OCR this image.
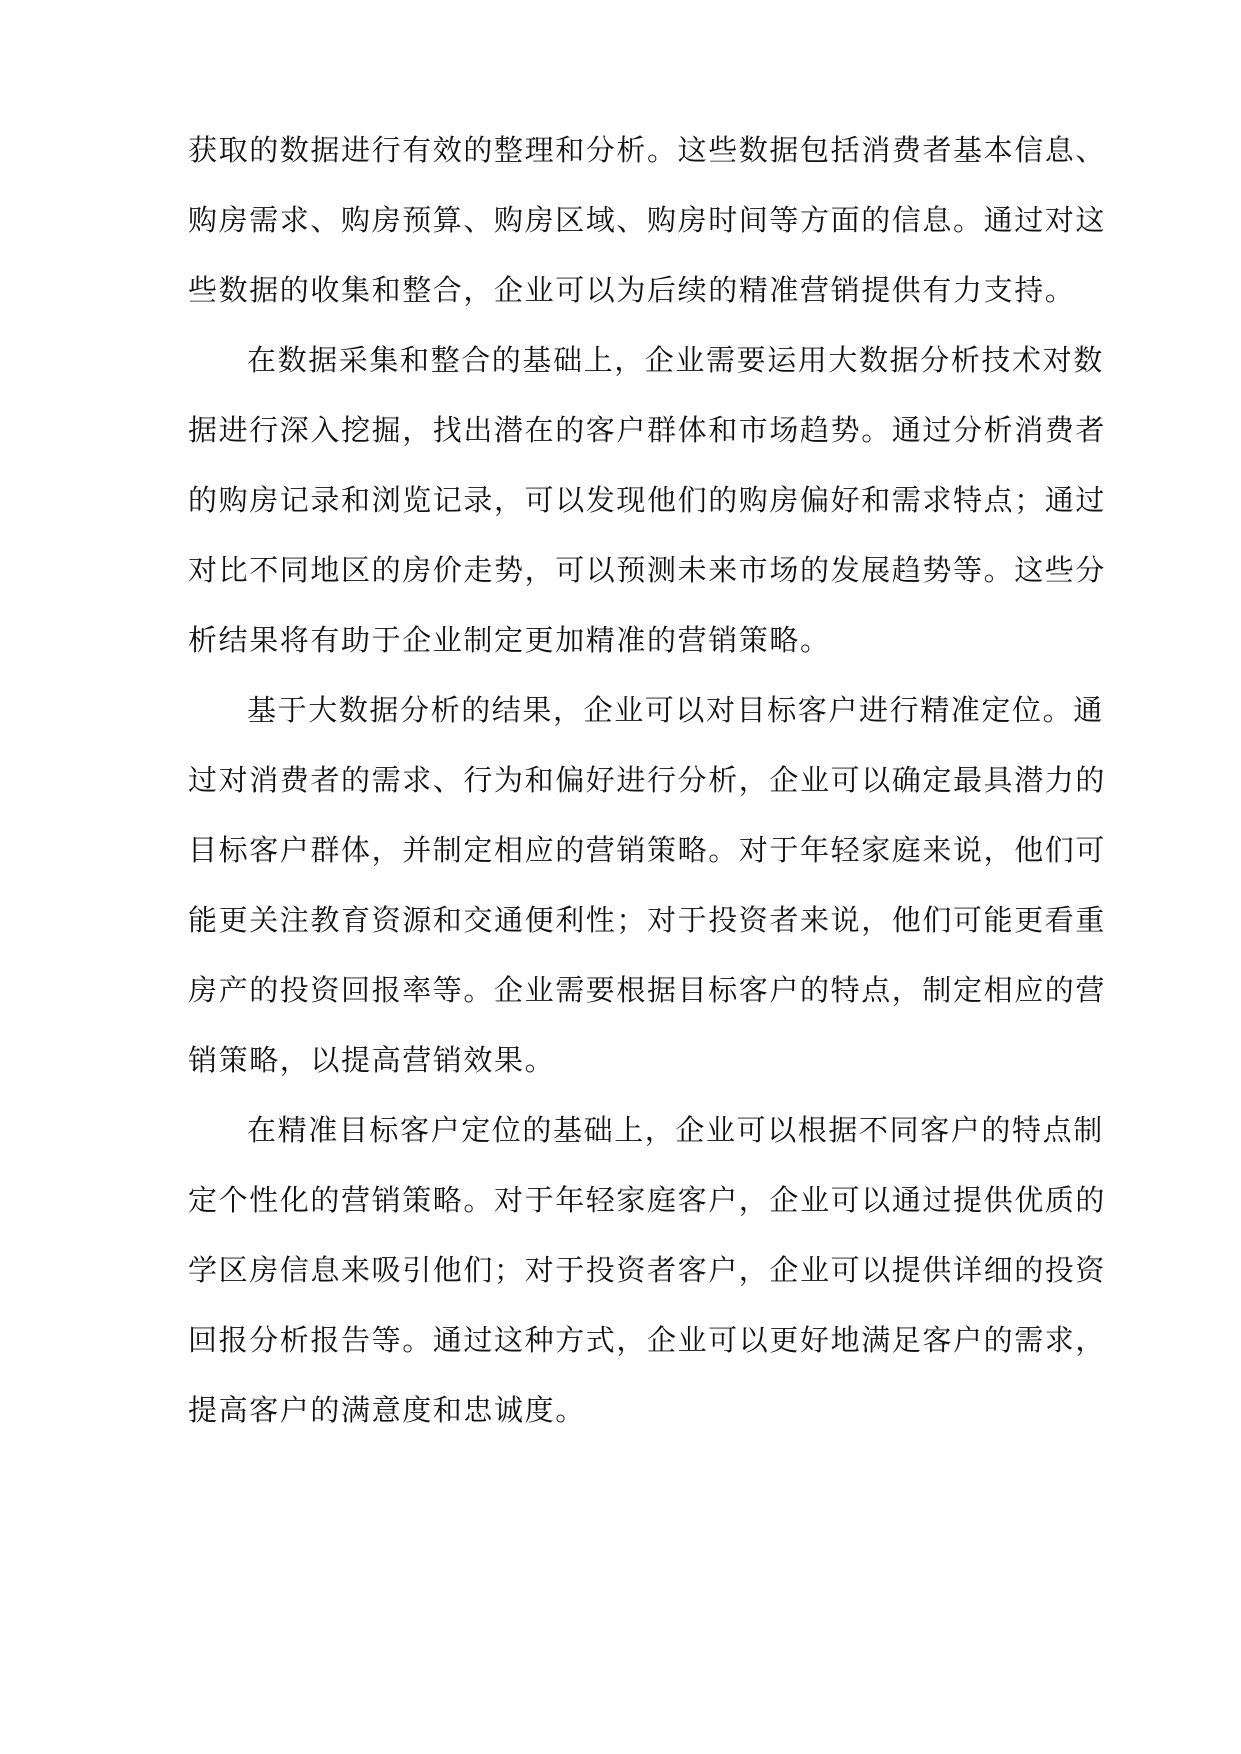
获取的数据进行有效的整理和分析。这些数据包括消费者基本信息、
购房需求、购房预算、购房区域、购房时间等方面的信息。通过对这
些数据的收集和整合，企业可以为后续的精准营销提供有力支持。
在数据采集和整合的基础上，企业需要运用大数据分析技术对数
据进行深入挖掘，找出潜在的客户群体和市场趋势。通过分析消费者
的购房记录和浏览记录，可以发现他们的购房偏好和需求特点；通过
对比不同地区的房价走势，可以预测未来市场的发展趋势等。这些分
析结果将有助于企业制定更加精准的营销策略。
基于大数据分析的结果，企业可以对目标客户进行精准定位。通
过对消费者的需求、行为和偏好进行分析，企业可以确定最具潜力的
目标客户群体，并制定相应的营销策略。对于年轻家庭来说，他们可
能更关注教育资源和交通便利性；对于投资者来说，他们可能更看重
房产的投资回报率等。企业需要根据目标客户的特点，制定相应的营
销策略，以提高营销效果。
在精准目标客户定位的基础上，企业可以根据不同客户的特点制
定个性化的营销策略。对于年轻家庭客户，企业可以通过提供优质的
学区房信息来吸引他们；对于投资者客户，企业可以提供详细的投资
回报分析报告等。通过这种方式，企业可以更好地满足客户的需求，
提高客户的满意度和忠诚度。
